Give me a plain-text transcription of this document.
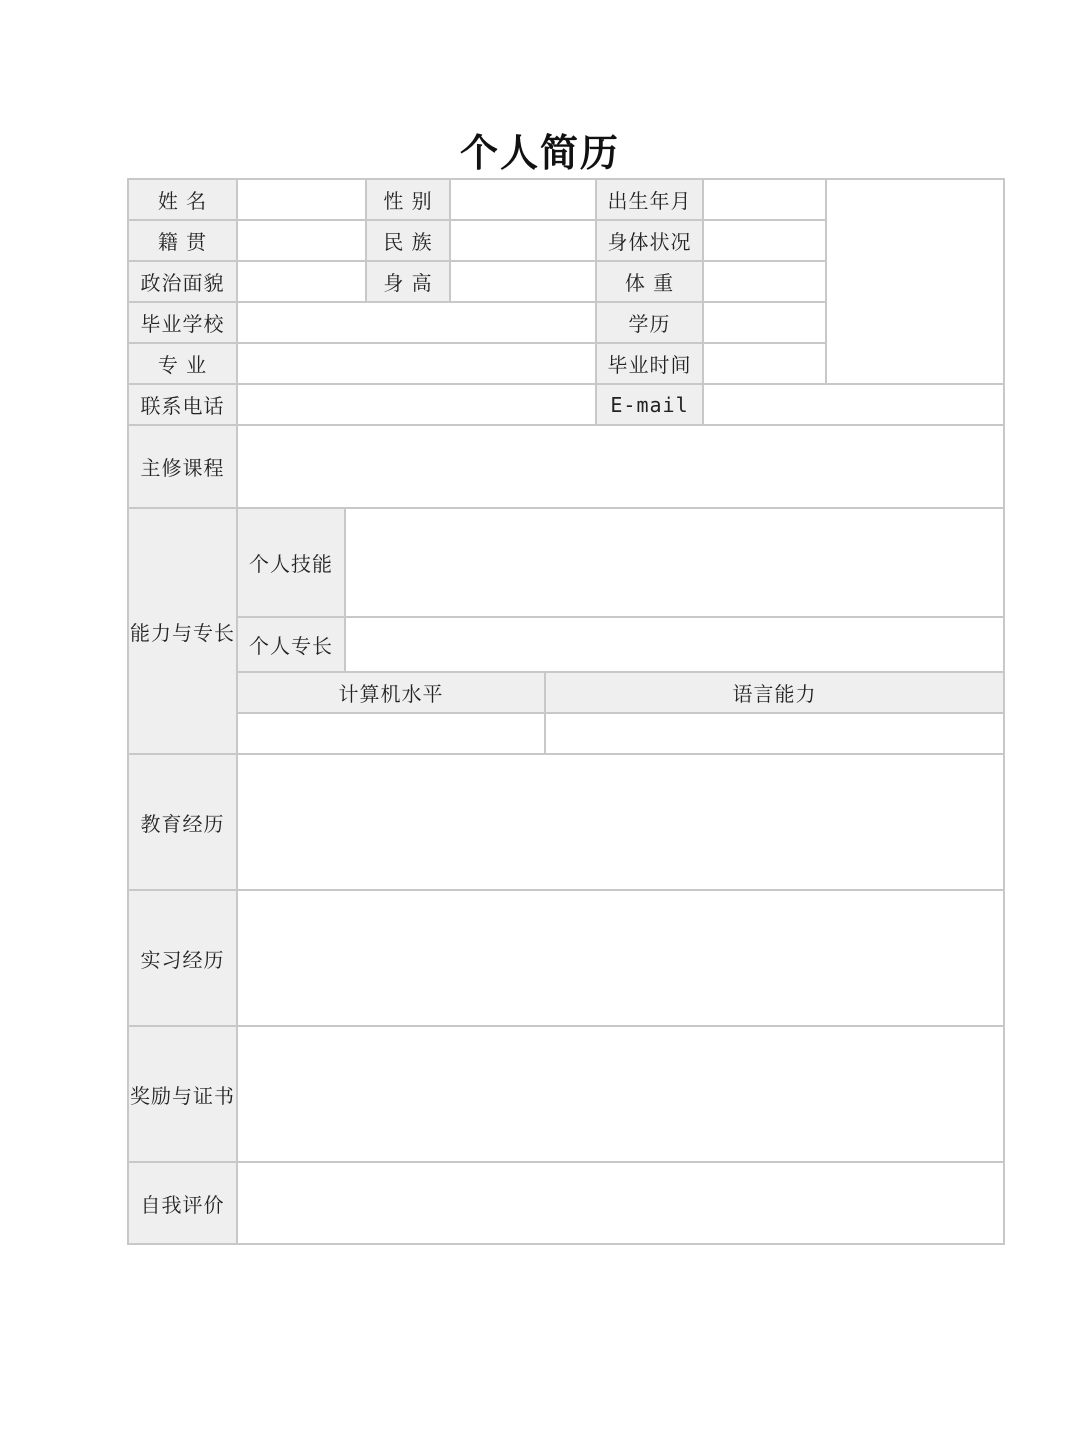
个人简历
姓 名			性 别			出生年月		
籍 贯			民 族			身体状况		
政治面貌			身 高			体 重		
毕业学校						学历		
专 业						毕业时间		
联系电话						E-mail		
主修课程								
能力与专长	个人技能							
	个人专长							
	计算机水平				语言能力			

教育经历								
实习经历								
奖励与证书								
自我评价								
